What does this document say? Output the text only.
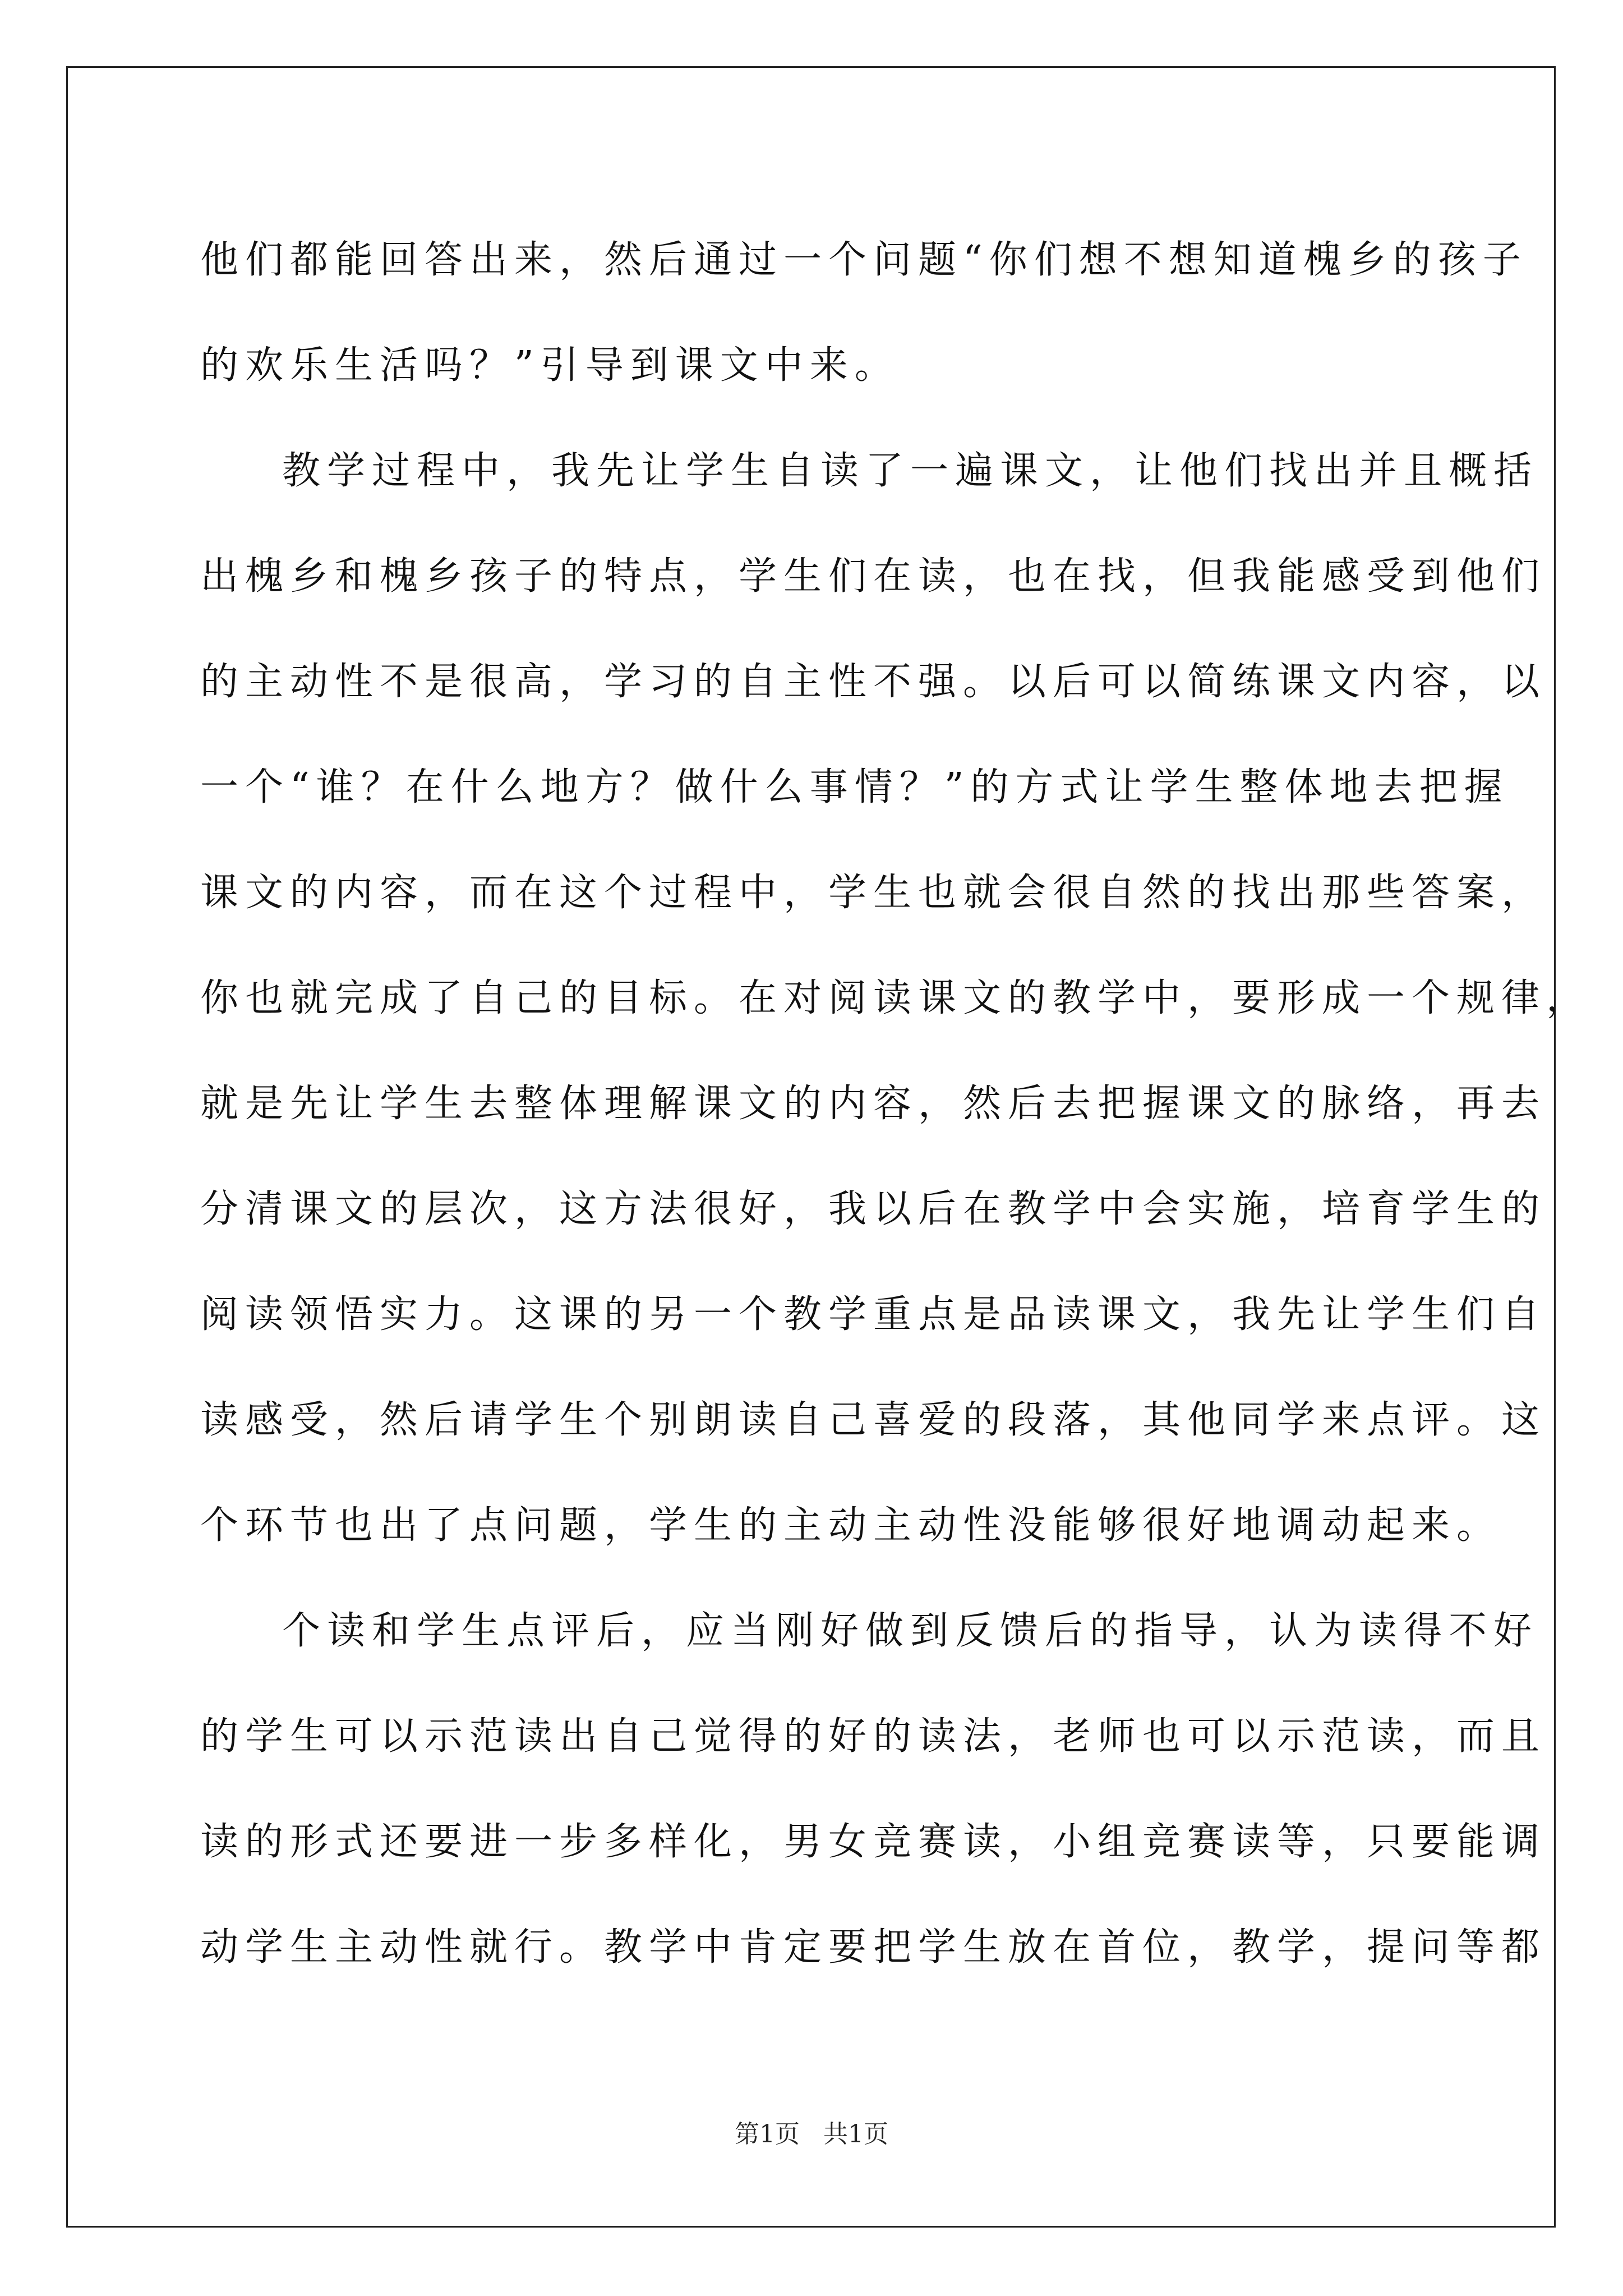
他们都能回答出来，然后通过一个问题“你们想不想知道槐乡的孩子
的欢乐生活吗？”引导到课文中来。
教学过程中，我先让学生自读了一遍课文，让他们找出并且概括
出槐乡和槐乡孩子的特点，学生们在读，也在找，但我能感受到他们
的主动性不是很高，学习的自主性不强。以后可以简练课文内容，以
一个“谁？在什么地方？做什么事情？”的方式让学生整体地去把握
课文的内容，而在这个过程中，学生也就会很自然的找出那些答案，
你也就完成了自己的目标。在对阅读课文的教学中，要形成一个规律，
就是先让学生去整体理解课文的内容，然后去把握课文的脉络，再去
分清课文的层次，这方法很好，我以后在教学中会实施，培育学生的
阅读领悟实力。这课的另一个教学重点是品读课文，我先让学生们自
读感受，然后请学生个别朗读自己喜爱的段落，其他同学来点评。这
个环节也出了点问题，学生的主动主动性没能够很好地调动起来。
个读和学生点评后，应当刚好做到反馈后的指导，认为读得不好
的学生可以示范读出自己觉得的好的读法，老师也可以示范读，而且
读的形式还要进一步多样化，男女竞赛读，小组竞赛读等，只要能调
动学生主动性就行。教学中肯定要把学生放在首位，教学，提问等都
第1页 共1页
